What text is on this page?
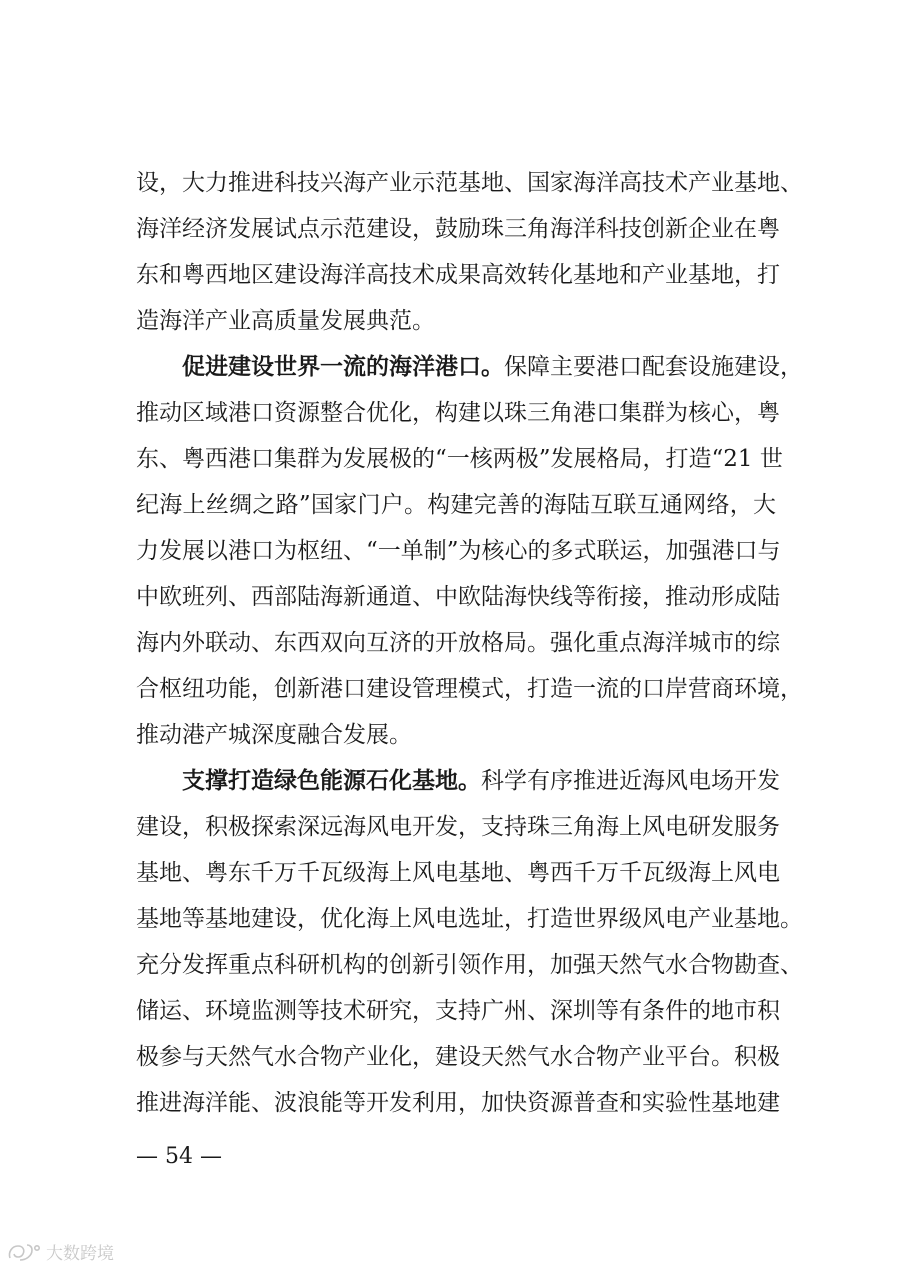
设，大力推进科技兴海产业示范基地、国家海洋高技术产业基地、
海洋经济发展试点示范建设，鼓励珠三角海洋科技创新企业在粤
东和粤西地区建设海洋高技术成果高效转化基地和产业基地，打
造海洋产业高质量发展典范。

促进建设世界一流的海洋港口。保障主要港口配套设施建设，
推动区域港口资源整合优化，构建以珠三角港口集群为核心，粤
东、粤西港口集群为发展极的“一核两极”发展格局，打造“21 世
纪海上丝绸之路”国家门户。构建完善的海陆互联互通网络，大
力发展以港口为枢纽、“一单制”为核心的多式联运，加强港口与
中欧班列、西部陆海新通道、中欧陆海快线等衔接，推动形成陆
海内外联动、东西双向互济的开放格局。强化重点海洋城市的综
合枢纽功能，创新港口建设管理模式，打造一流的口岸营商环境，
推动港产城深度融合发展。

支撑打造绿色能源石化基地。科学有序推进近海风电场开发
建设，积极探索深远海风电开发，支持珠三角海上风电研发服务
基地、粤东千万千瓦级海上风电基地、粤西千万千瓦级海上风电
基地等基地建设，优化海上风电选址，打造世界级风电产业基地。
充分发挥重点科研机构的创新引领作用，加强天然气水合物勘查、
储运、环境监测等技术研究，支持广州、深圳等有条件的地市积
极参与天然气水合物产业化，建设天然气水合物产业平台。积极
推进海洋能、波浪能等开发利用，加快资源普查和实验性基地建

— 54 —
大数跨境
